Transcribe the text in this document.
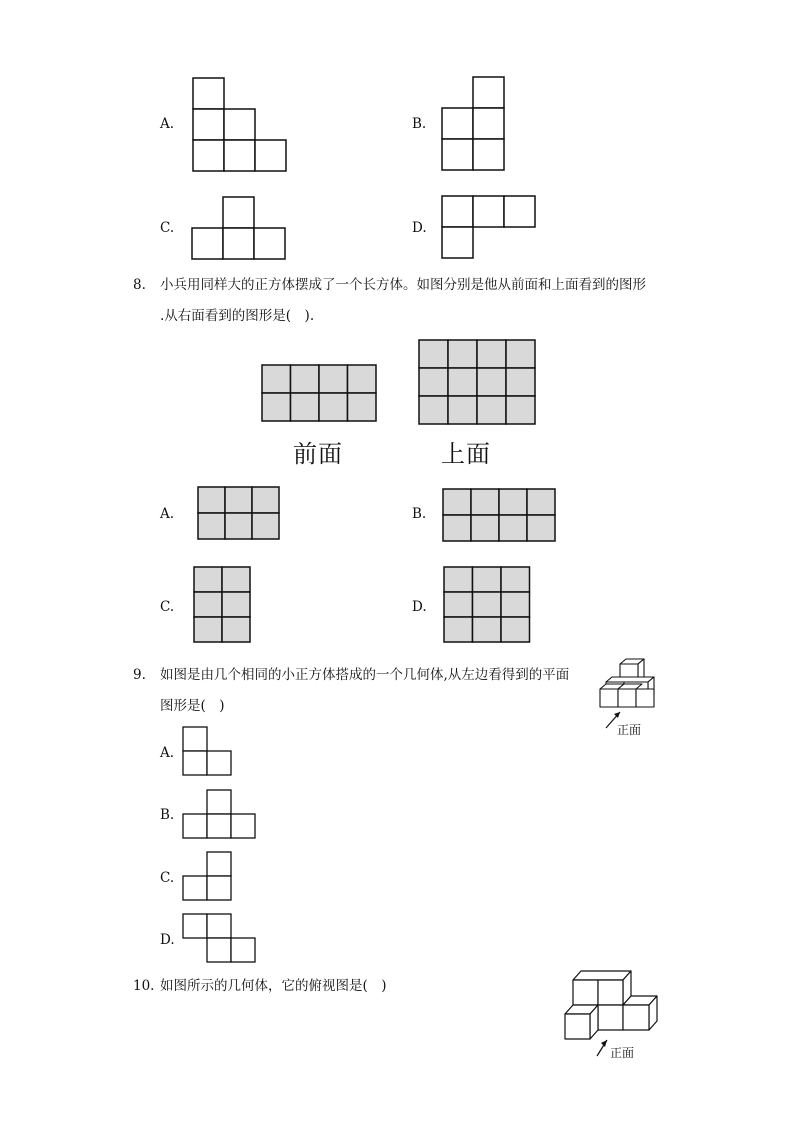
A.	B.
C.	D.
8. 小兵用同样大的正方体摆成了一个长方体。如图分别是他从前面和上面看到的图形
.从右面看到的图形是(　).
前面	上面
A.	B.
C.	D.
9. 如图是由几个相同的小正方体搭成的一个几何体,从左边看得到的平面
图形是(　)
正面
A.
B.
C.
D.
10. 如图所示的几何体，它的俯视图是(　)
正面
